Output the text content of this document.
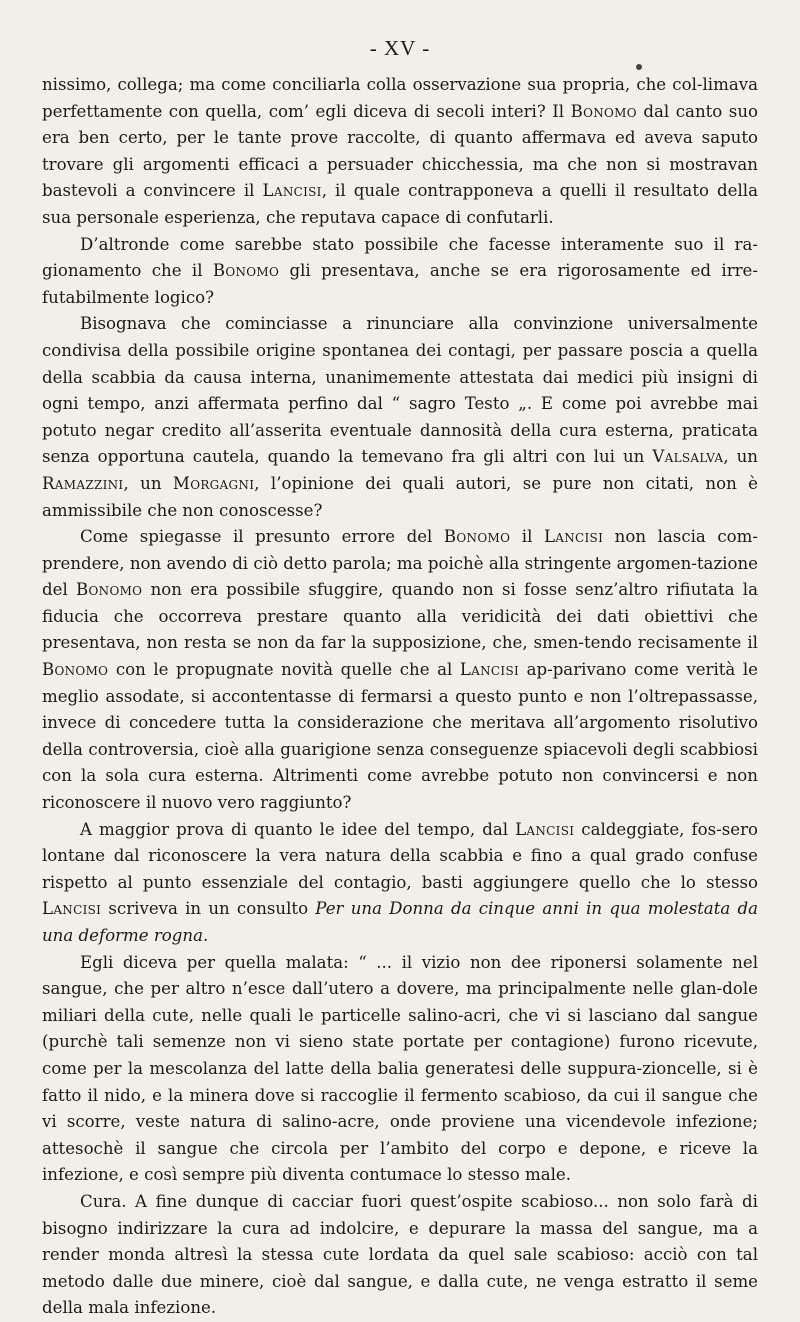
- XV -

nissimo, collega; ma come conciliarla colla osservazione sua propria, che col-limava perfettamente con quella, com’ egli diceva di secoli interi? Il Bonomo dal canto suo era ben certo, per le tante prove raccolte, di quanto affermava ed aveva saputo trovare gli argomenti efficaci a persuader chicchessia, ma che non si mostravan bastevoli a convincere il Lancisi, il quale contrapponeva a quelli il resultato della sua personale esperienza, che reputava capace di confutarli.

D’altronde come sarebbe stato possibile che facesse interamente suo il ra-gionamento che il Bonomo gli presentava, anche se era rigorosamente ed irre-futabilmente logico?

Bisognava che cominciasse a rinunciare alla convinzione universalmente condivisa della possibile origine spontanea dei contagi, per passare poscia a quella della scabbia da causa interna, unanimemente attestata dai medici più insigni di ogni tempo, anzi affermata perfino dal “ sagro Testo „. E come poi avrebbe mai potuto negar credito all’asserita eventuale dannosità della cura esterna, praticata senza opportuna cautela, quando la temevano fra gli altri con lui un Valsalva, un Ramazzini, un Morgagni, l’opinione dei quali autori, se pure non citati, non è ammissibile che non conoscesse?

Come spiegasse il presunto errore del Bonomo il Lancisi non lascia com-prendere, non avendo di ciò detto parola; ma poichè alla stringente argomen-tazione del Bonomo non era possibile sfuggire, quando non si fosse senz’altro rifiutata la fiducia che occorreva prestare quanto alla veridicità dei dati obiettivi che presentava, non resta se non da far la supposizione, che, smen-tendo recisamente il Bonomo con le propugnate novità quelle che al Lancisi ap-parivano come verità le meglio assodate, si accontentasse di fermarsi a questo punto e non l’oltrepassasse, invece di concedere tutta la considerazione che meritava all’argomento risolutivo della controversia, cioè alla guarigione senza conseguenze spiacevoli degli scabbiosi con la sola cura esterna. Altrimenti come avrebbe potuto non convincersi e non riconoscere il nuovo vero raggiunto?

A maggior prova di quanto le idee del tempo, dal Lancisi caldeggiate, fos-sero lontane dal riconoscere la vera natura della scabbia e fino a qual grado confuse rispetto al punto essenziale del contagio, basti aggiungere quello che lo stesso Lancisi scriveva in un consulto Per una Donna da cinque anni in qua molestata da una deforme rogna.

Egli diceva per quella malata: “ ... il vizio non dee riponersi solamente nel sangue, che per altro n’esce dall’utero a dovere, ma principalmente nelle glan-dole miliari della cute, nelle quali le particelle salino-acri, che vi si lasciano dal sangue (purchè tali semenze non vi sieno state portate per contagione) furono ricevute, come per la mescolanza del latte della balia generatesi delle suppura-zioncelle, si è fatto il nido, e la minera dove si raccoglie il fermento scabioso, da cui il sangue che vi scorre, veste natura di salino-acre, onde proviene una vicendevole infezione; attesochè il sangue che circola per l’ambito del corpo e depone, e riceve la infezione, e così sempre più diventa contumace lo stesso male.

Cura. A fine dunque di cacciar fuori quest’ospite scabioso... non solo farà di bisogno indirizzare la cura ad indolcire, e depurare la massa del sangue, ma a render monda altresì la stessa cute lordata da quel sale scabioso: acciò con tal metodo dalle due minere, cioè dal sangue, e dalla cute, ne venga estratto il seme della mala infezione.
